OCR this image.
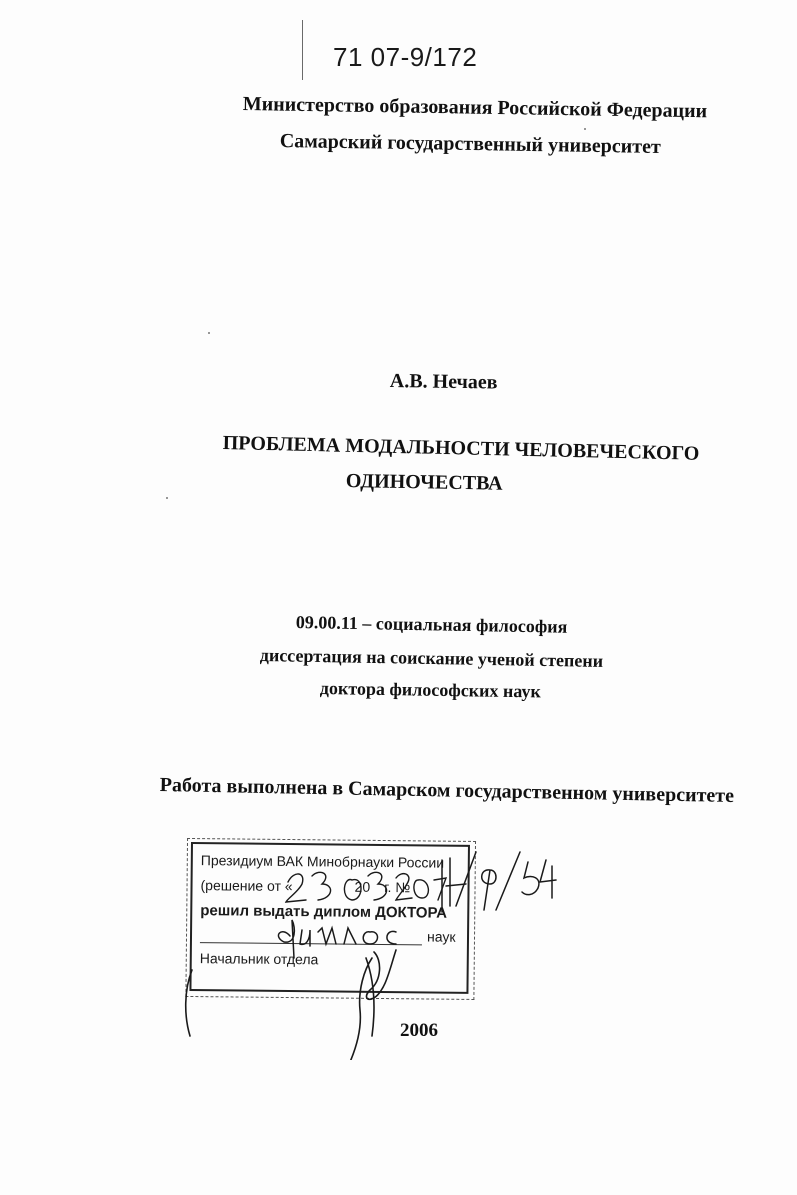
71 07-9/172
Министерство образования Российской Федерации
Самарский государственный университет
А.В. Нечаев
ПРОБЛЕМА МОДАЛЬНОСТИ ЧЕЛОВЕЧЕСКОГО
ОДИНОЧЕСТВА
09.00.11 – социальная философия
диссертация на соискание ученой степени
доктора философских наук
Работа выполнена в Самарском государственном университете
Президиум ВАК Минобрнауки России
(решение от «	20 г. №
решил выдать диплом ДОКТОРА
наук
Начальник отдела
2006
